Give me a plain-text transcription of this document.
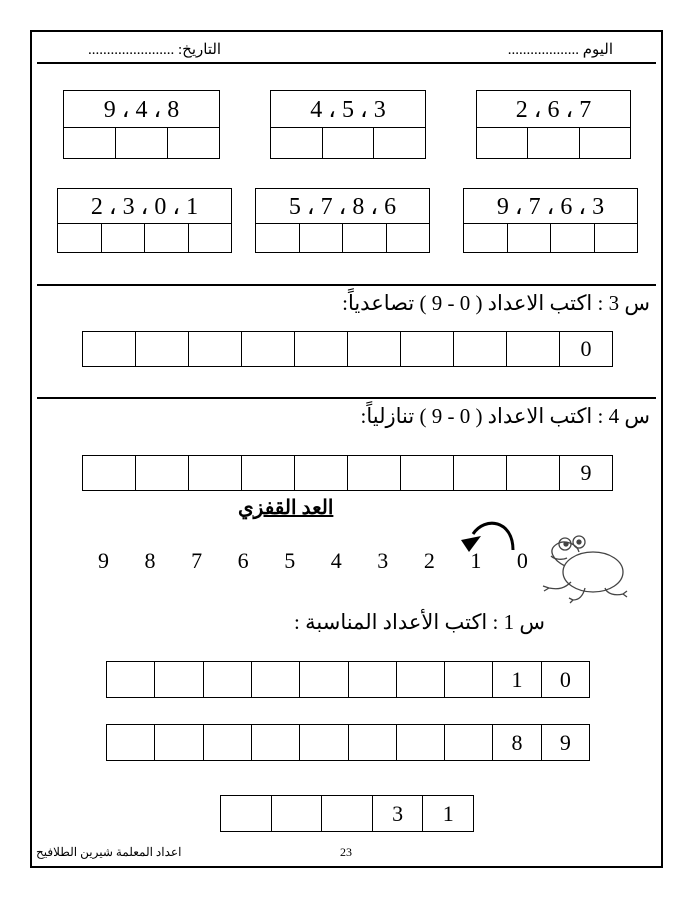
اليوم ...................
التاريخ: .......................
9 ، 4 ، 8	4 ، 5 ، 3	2 ، 6 ، 7
2 ، 3 ، 0 ، 1	5 ، 7 ، 8 ، 6	9 ، 7 ، 6 ، 3
س 3 : اكتب الاعداد ( 0 - 9 ) تصاعدياً:
0
س 4 : اكتب الاعداد ( 0 - 9 ) تنازلياً:
9
العد القفزي
9 8 7 6 5 4 3 2 1 0
س 1 : اكتب الأعداد المناسبة :
0
1
9
8
1
3
23
اعداد المعلمة شيرين الطلافيح
